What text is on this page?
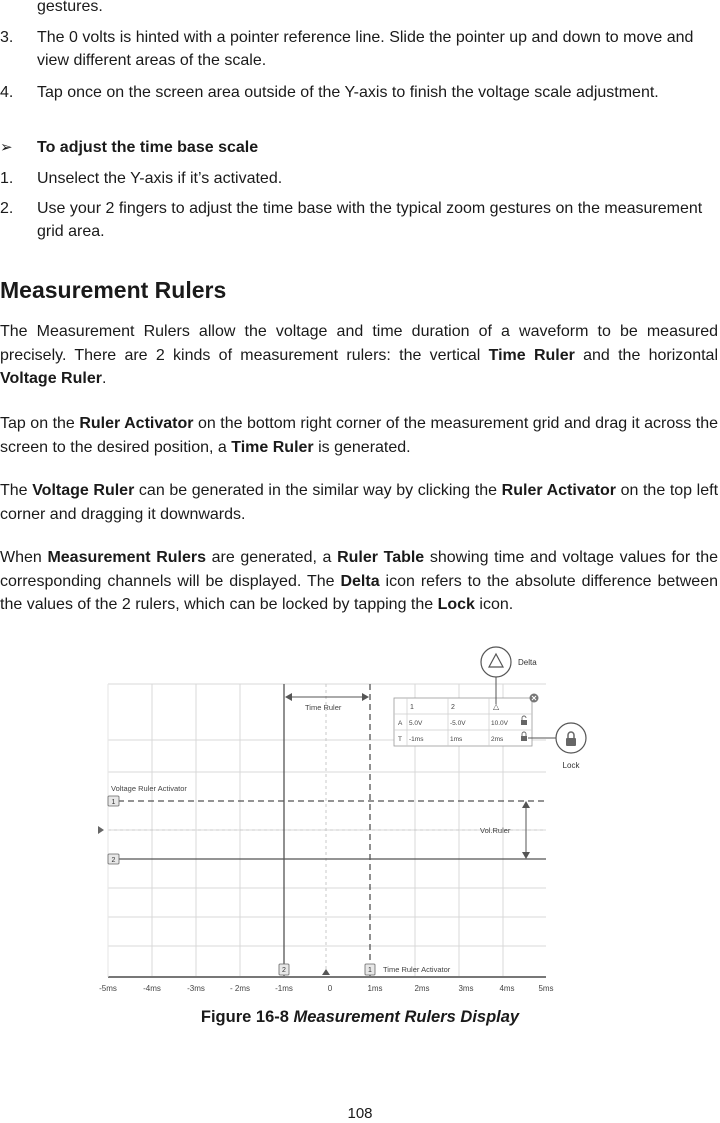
gestures.
3.	The 0 volts is hinted with a pointer reference line. Slide the pointer up and down to move and view different areas of the scale.
4.	Tap once on the screen area outside of the Y-axis to finish the voltage scale adjustment.
➢ To adjust the time base scale
1.	Unselect the Y-axis if it’s activated.
2.	Use your 2 fingers to adjust the time base with the typical zoom gestures on the measurement grid area.
Measurement Rulers

The Measurement Rulers allow the voltage and time duration of a waveform to be measured precisely. There are 2 kinds of measurement rulers: the vertical Time Ruler and the horizontal Voltage Ruler.

Tap on the Ruler Activator on the bottom right corner of the measurement grid and drag it across the screen to the desired position, a Time Ruler is generated.

The Voltage Ruler can be generated in the similar way by clicking the Ruler Activator on the top left corner and dragging it downwards.

When Measurement Rulers are generated, a Ruler Table showing time and voltage values for the corresponding channels will be displayed. The Delta icon refers to the absolute difference between the values of the 2 rulers, which can be locked by tapping the Lock icon.

1
2
Voltage Ruler Activator
Vol.Ruler
2	1 Time Ruler Activator
Time Ruler	1	2	△
A 5.0V	-5.0V	10.0V
T -1ms	1ms	2ms
Delta
Lock
-5ms	-4ms	-3ms	- 2ms	-1ms	0	1ms	2ms	3ms	4ms	5ms
Figure 16-8 Measurement Rulers Display
108
